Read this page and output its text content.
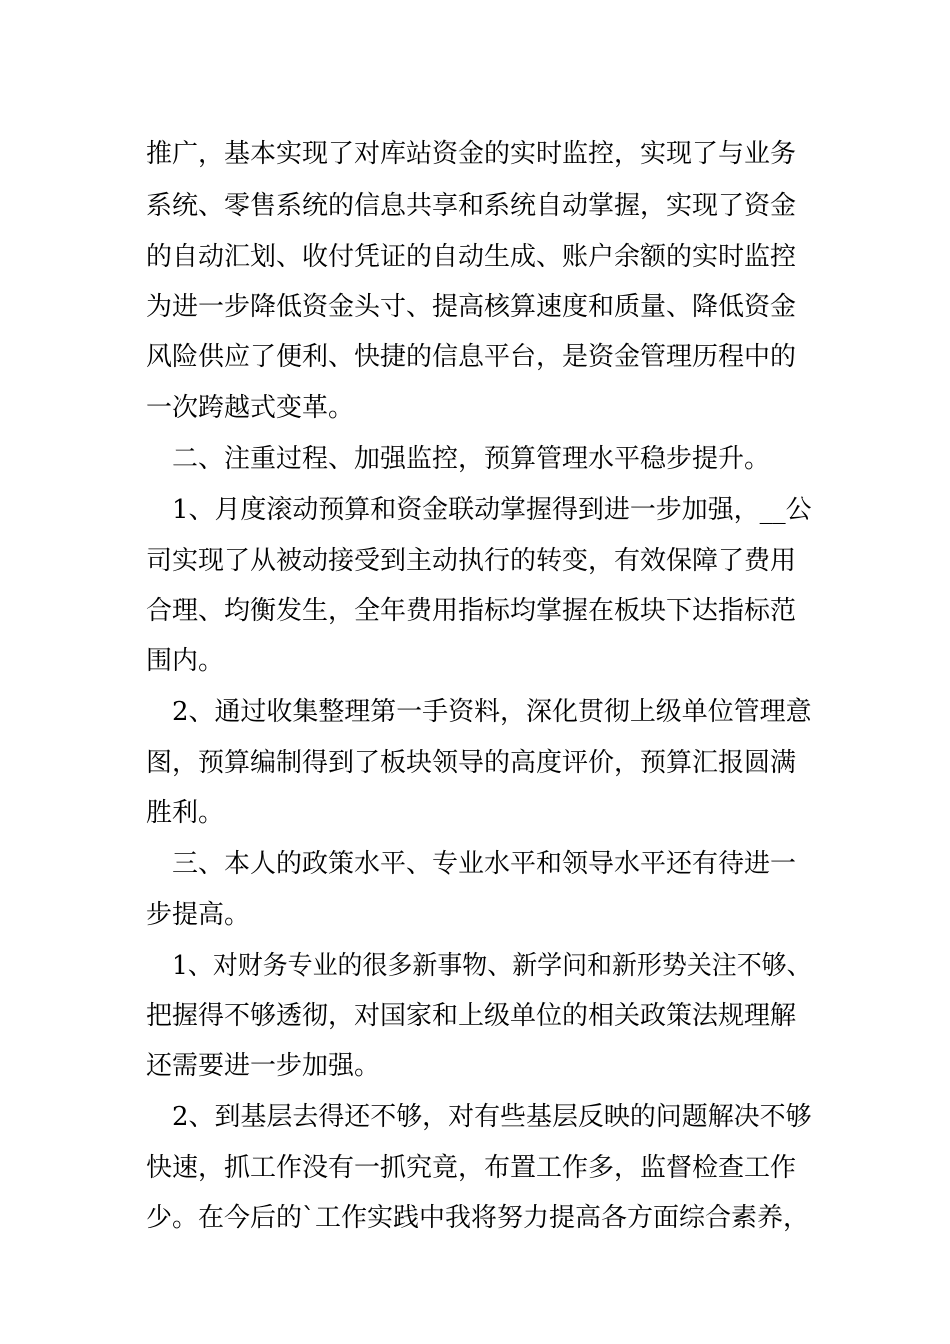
推广，基本实现了对库站资金的实时监控，实现了与业务
系统、零售系统的信息共享和系统自动掌握，实现了资金
的自动汇划、收付凭证的自动生成、账户余额的实时监控
为进一步降低资金头寸、提高核算速度和质量、降低资金
风险供应了便利、快捷的信息平台，是资金管理历程中的
一次跨越式变革。
二、注重过程、加强监控，预算管理水平稳步提升。
1、月度滚动预算和资金联动掌握得到进一步加强，__公
司实现了从被动接受到主动执行的转变，有效保障了费用
合理、均衡发生，全年费用指标均掌握在板块下达指标范
围内。
2、通过收集整理第一手资料，深化贯彻上级单位管理意
图，预算编制得到了板块领导的高度评价，预算汇报圆满
胜利。
三、本人的政策水平、专业水平和领导水平还有待进一
步提高。
1、对财务专业的很多新事物、新学问和新形势关注不够、
把握得不够透彻，对国家和上级单位的相关政策法规理解
还需要进一步加强。
2、到基层去得还不够，对有些基层反映的问题解决不够
快速，抓工作没有一抓究竟，布置工作多，监督检查工作
少。在今后的`工作实践中我将努力提高各方面综合素养，
